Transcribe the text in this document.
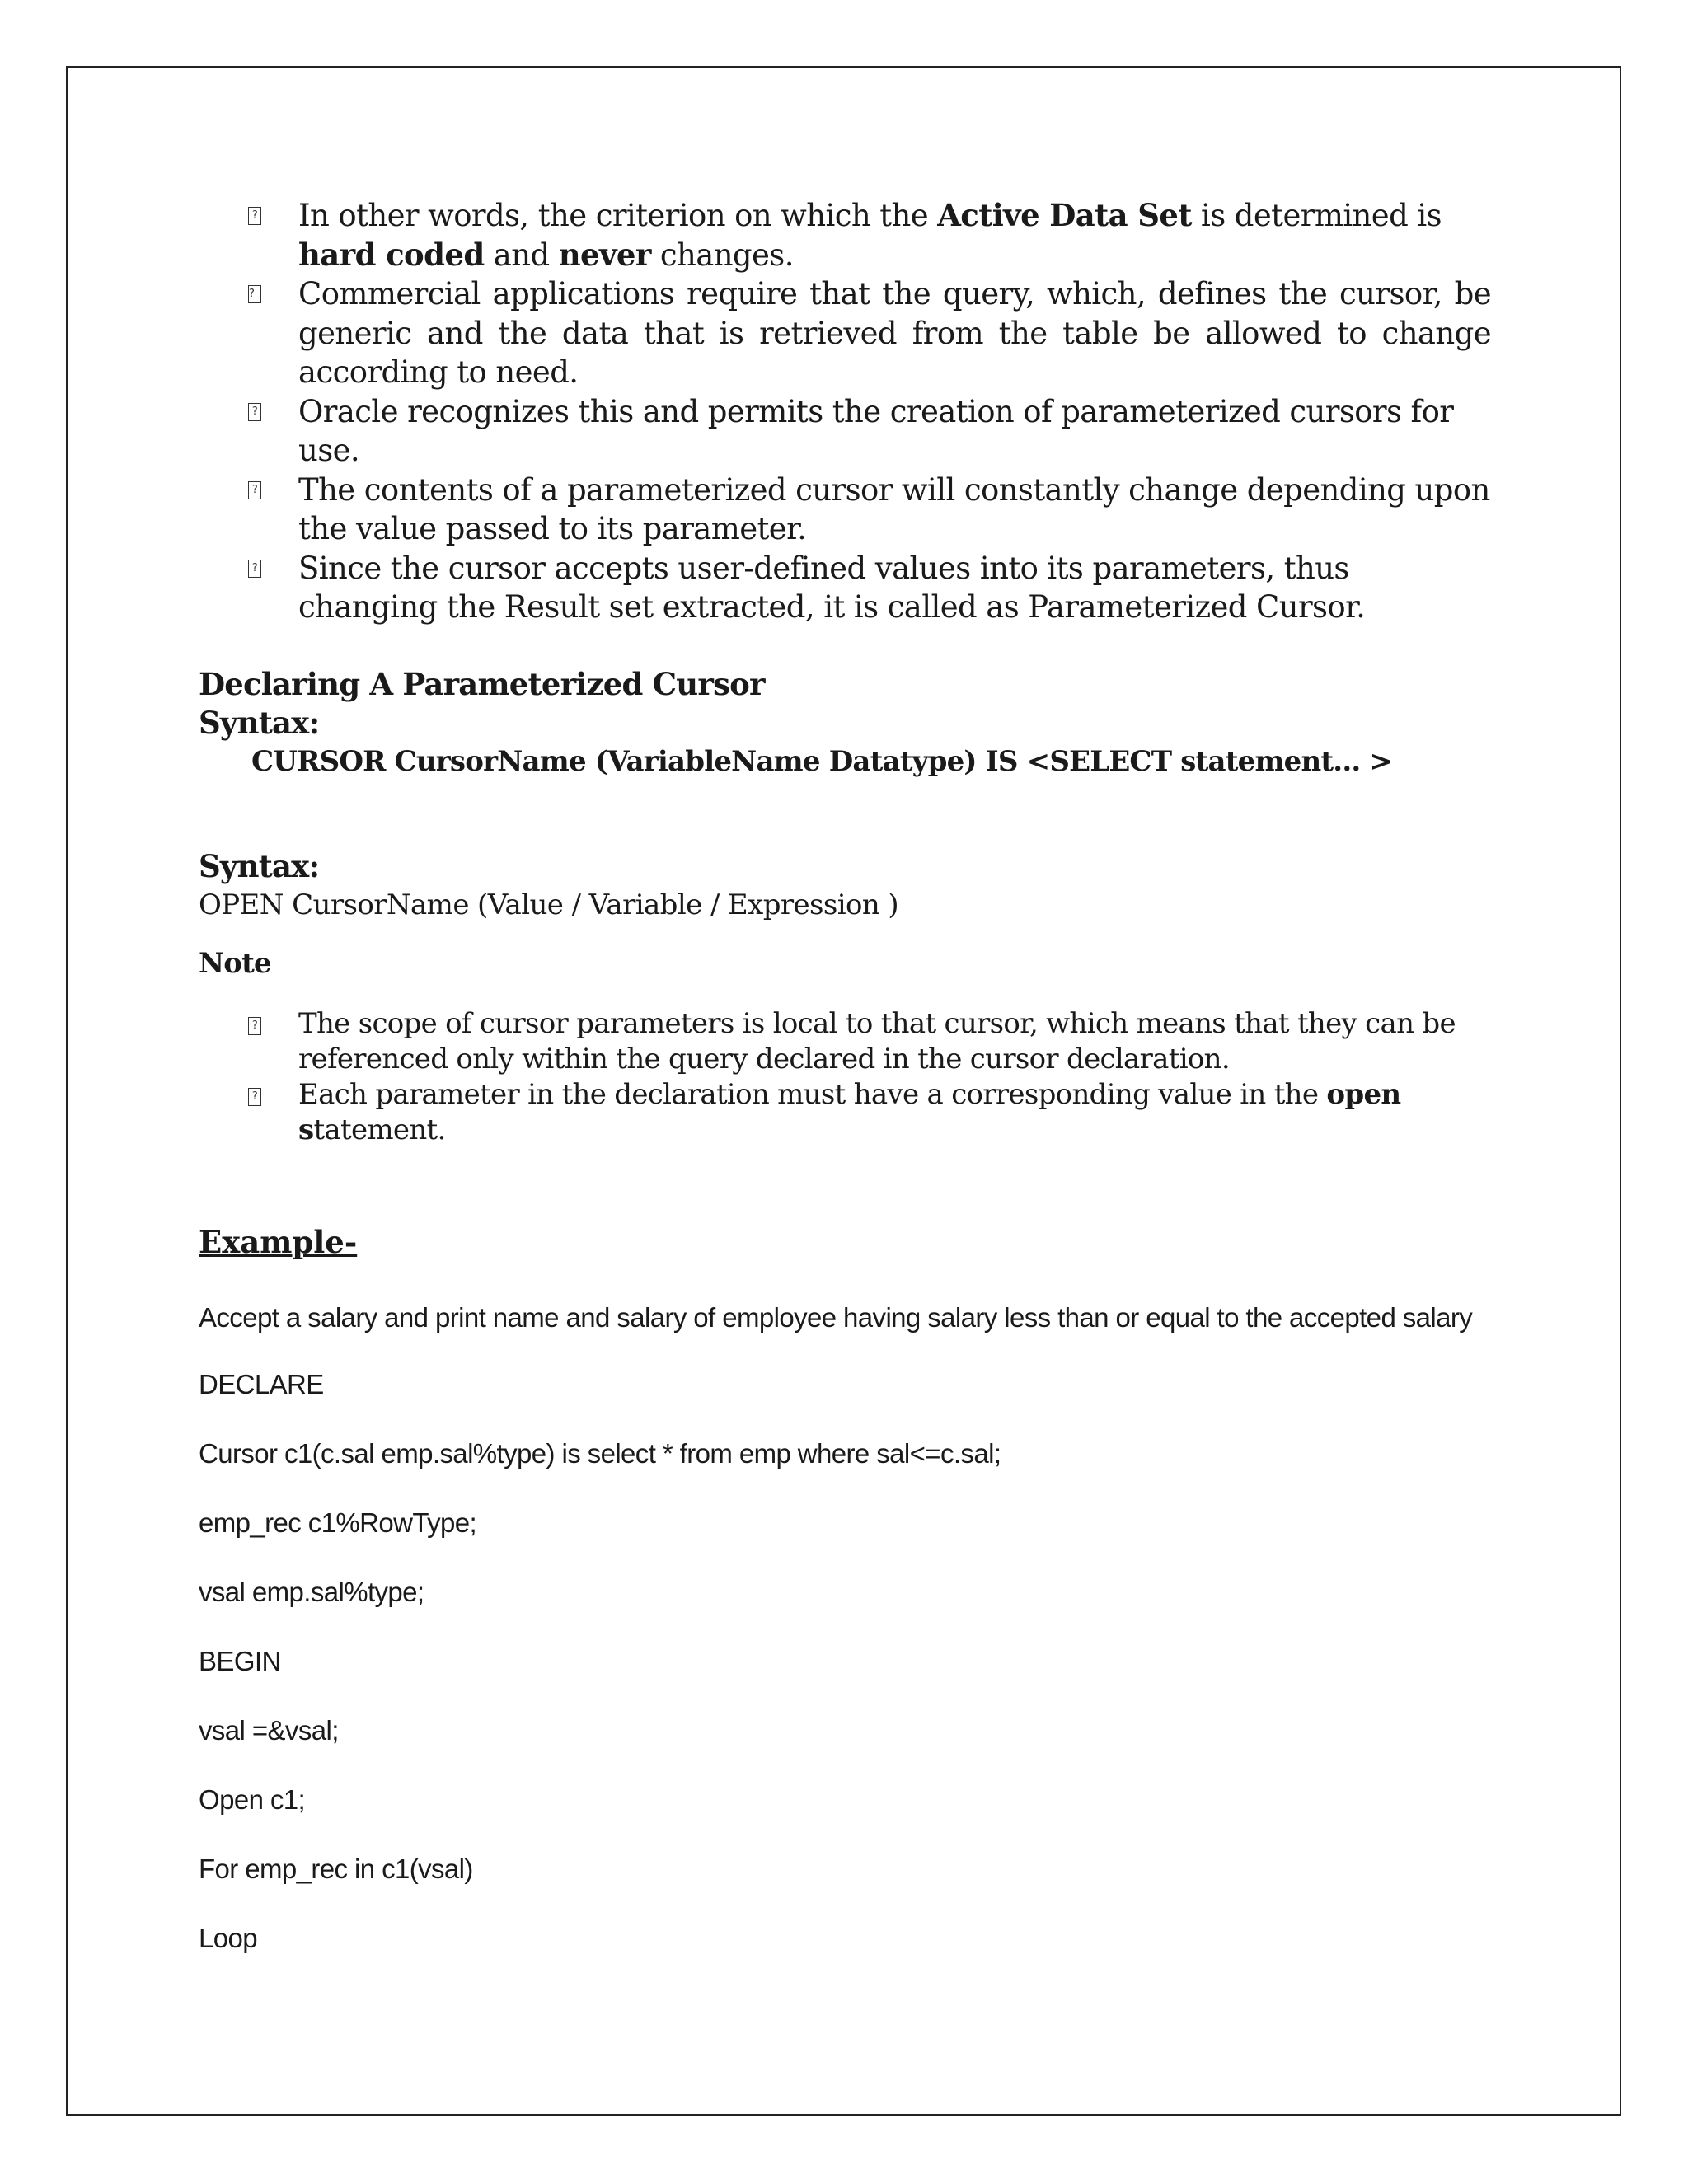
? In other words, the criterion on which the Active Data Set is determined is hard coded and never changes.
? Commercial applications require that the query, which, defines the cursor, be generic and the data that is retrieved from the table be allowed to change according to need.
? Oracle recognizes this and permits the creation of parameterized cursors for use.
? The contents of a parameterized cursor will constantly change depending upon the value passed to its parameter.
? Since the cursor accepts user-defined values into its parameters, thus changing the Result set extracted, it is called as Parameterized Cursor.
Declaring A Parameterized Cursor
Syntax:
CURSOR CursorName (VariableName Datatype) IS <SELECT statement... >
Syntax:
OPEN CursorName (Value / Variable / Expression )
Note
? The scope of cursor parameters is local to that cursor, which means that they can be referenced only within the query declared in the cursor declaration.
? Each parameter in the declaration must have a corresponding value in the open statement.
Example-
Accept a salary and print name and salary of employee having salary less than or equal to the accepted salary
DECLARE
Cursor c1(c.sal emp.sal%type) is select * from emp where sal<=c.sal;
emp_rec c1%RowType;
vsal emp.sal%type;
BEGIN
vsal =&vsal;
Open c1;
For emp_rec in c1(vsal)
Loop
